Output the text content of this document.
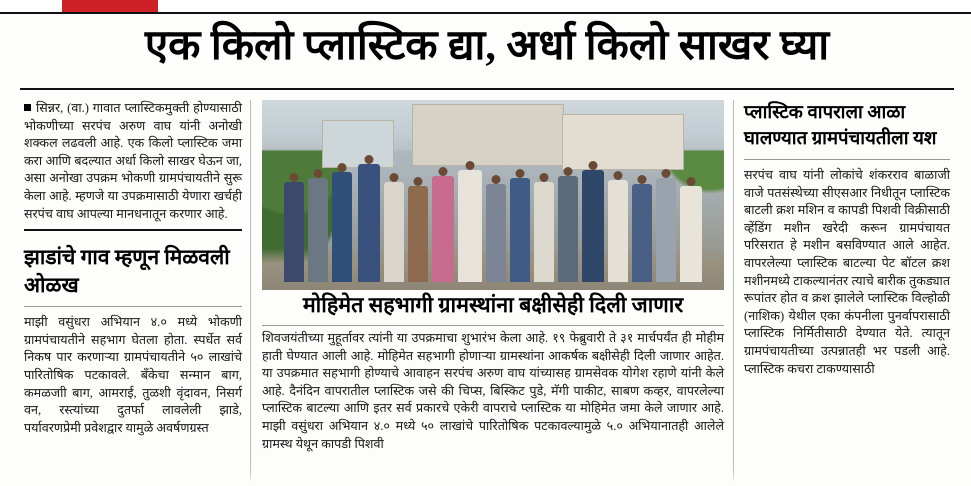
एक किलो प्लास्टिक द्या, अर्धा किलो साखर घ्या
सिन्नर, (वा.) गावात प्लास्टिकमुक्ती होण्यासाठी भोकणीच्या सरपंच अरुण वाघ यांनी अनोखी शक्कल लढवली आहे. एक किलो प्लास्टिक जमा करा आणि बदल्यात अर्धा किलो साखर घेऊन जा, असा अनोखा उपक्रम भोकणी ग्रामपंचायतीने सुरू केला आहे. म्हणजे या उपक्रमासाठी येणारा खर्चही सरपंच वाघ आपल्या मानधनातून करणार आहे.
झाडांचे गाव म्हणून मिळवली ओळख
माझी वसुंधरा अभियान ४.० मध्ये भोकणी ग्रामपंचायतीने सहभाग घेतला होता. स्पर्धेत सर्व निकष पार करणाऱ्या ग्रामपंचायतीने ५० लाखांचे पारितोषिक पटकावले. बँकेचा सन्मान बाग, कमळजाी बाग, आमराई, तुळशी वृंदावन, निसर्ग वन, रस्त्यांच्या दुतर्फा लावलेली झाडे, पर्यावरणप्रेमी प्रवेशद्वार यामुळे अवर्षणग्रस्त
मोहिमेत सहभागी ग्रामस्थांना बक्षीसेही दिली जाणार
शिवजयंतीच्या मुहूर्तावर त्यांनी या उपक्रमाचा शुभारंभ केला आहे. १९ फेब्रुवारी ते ३१ मार्चपर्यंत ही मोहीम हाती घेण्यात आली आहे. मोहिमेत सहभागी होणाऱ्या ग्रामस्थांना आकर्षक बक्षीसेही दिली जाणार आहेत. या उपक्रमात सहभागी होण्याचे आवाहन सरपंच अरुण वाघ यांच्यासह ग्रामसेवक योगेश रहाणे यांनी केले आहे. दैनंदिन वापरातील प्लास्टिक जसे की चिप्स, बिस्किट पुडे, मॅगी पाकीट, साबण कव्हर, वापरलेल्या प्लास्टिक बाटल्या आणि इतर सर्व प्रकारचे एकेरी वापराचे प्लास्टिक या मोहिमेत जमा केले जाणार आहे. माझी वसुंधरा अभियान ४.० मध्ये ५० लाखांचे पारितोषिक पटकावल्यामुळे ५.० अभियानातही आलेले ग्रामस्थ येथून कापडी पिशवी
प्लास्टिक वापराला आळा
घालण्यात ग्रामपंचायतीला यश
सरपंच वाघ यांनी लोकांचे शंकरराव बाळाजी वाजे पतसंस्थेच्या सीएसआर निधीतून प्लास्टिक बाटली क्रश मशिन व कापडी पिशवी विक्रीसाठी व्हेंडिंग मशीन खरेदी करून ग्रामपंचायत परिसरात हे मशीन बसविण्यात आले आहेत. वापरलेल्या प्लास्टिक बाटल्या पेट बॉटल क्रश मशीनमध्ये टाकल्यानंतर त्याचे बारीक तुकड्यात रूपांतर होत व क्रश झालेले प्लास्टिक विल्होळी (नाशिक) येथील एका कंपनीला पुनर्वापरासाठी प्लास्टिक निर्मितीसाठी देण्यात येते. त्यातून ग्रामपंचायतीच्या उत्पन्नातही भर पडली आहे. प्लास्टिक कचरा टाकण्यासाठी
